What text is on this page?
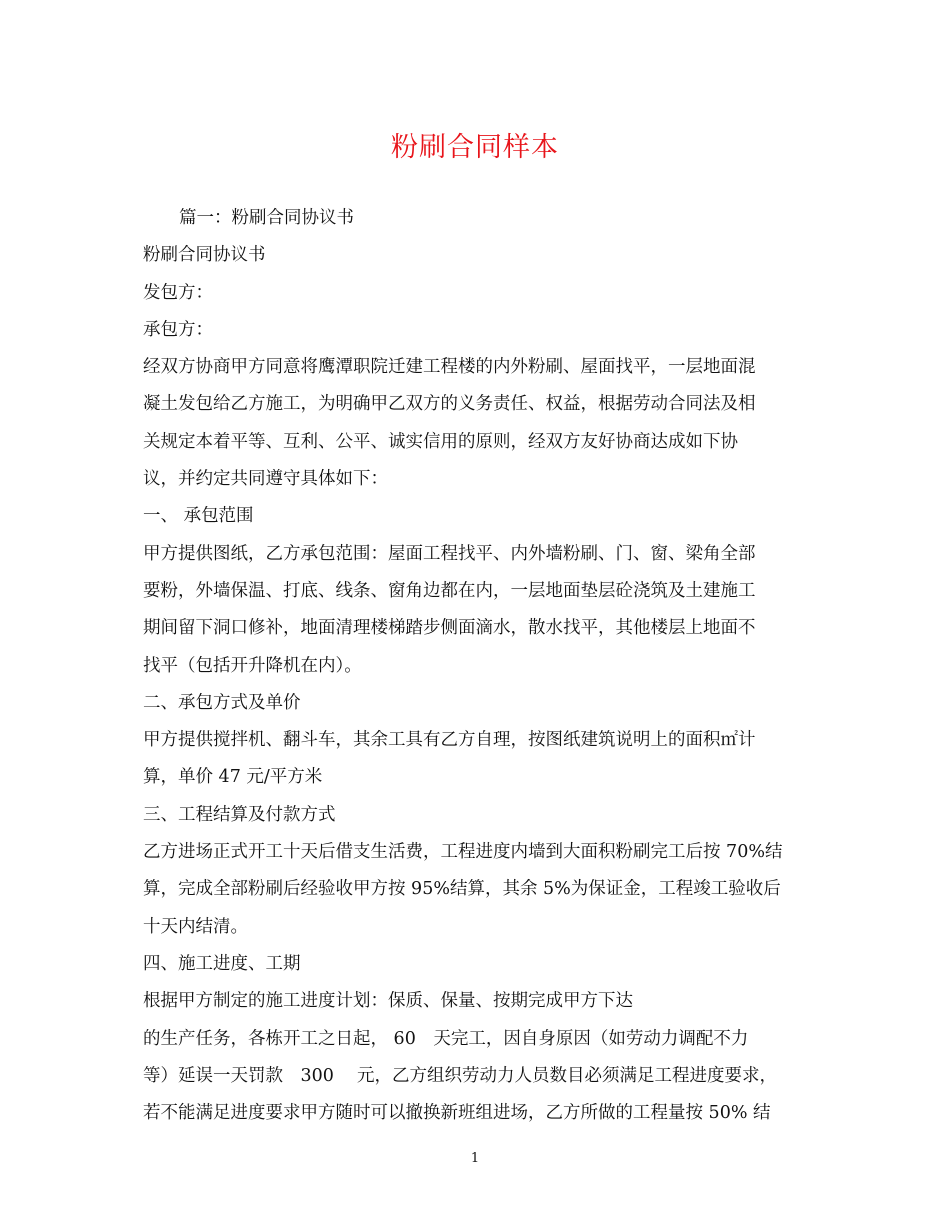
粉刷合同样本
篇一：粉刷合同协议书
粉刷合同协议书
发包方：
承包方：
经双方协商甲方同意将鹰潭职院迁建工程楼的内外粉刷、屋面找平，一层地面混
凝土发包给乙方施工，为明确甲乙双方的义务责任、权益，根据劳动合同法及相
关规定本着平等、互利、公平、诚实信用的原则，经双方友好协商达成如下协
议，并约定共同遵守具体如下：
一、 承包范围
甲方提供图纸，乙方承包范围：屋面工程找平、内外墙粉刷、门、窗、梁角全部
要粉，外墙保温、打底、线条、窗角边都在内，一层地面垫层砼浇筑及土建施工
期间留下洞口修补，地面清理楼梯踏步侧面滴水，散水找平，其他楼层上地面不
找平（包括开升降机在内）。
二、承包方式及单价
甲方提供搅拌机、翻斗车，其余工具有乙方自理，按图纸建筑说明上的面积㎡计
算，单价 47 元/平方米
三、工程结算及付款方式
乙方进场正式开工十天后借支生活费，工程进度内墙到大面积粉刷完工后按 70%结
算，完成全部粉刷后经验收甲方按 95%结算，其余 5%为保证金，工程竣工验收后
十天内结清。
四、施工进度、工期
根据甲方制定的施工进度计划：保质、保量、按期完成甲方下达
的生产任务，各栋开工之日起， 60　天完工，因自身原因（如劳动力调配不力
等）延误一天罚款　300　 元，乙方组织劳动力人员数目必须满足工程进度要求，
若不能满足进度要求甲方随时可以撤换新班组进场，乙方所做的工程量按 50% 结
1
